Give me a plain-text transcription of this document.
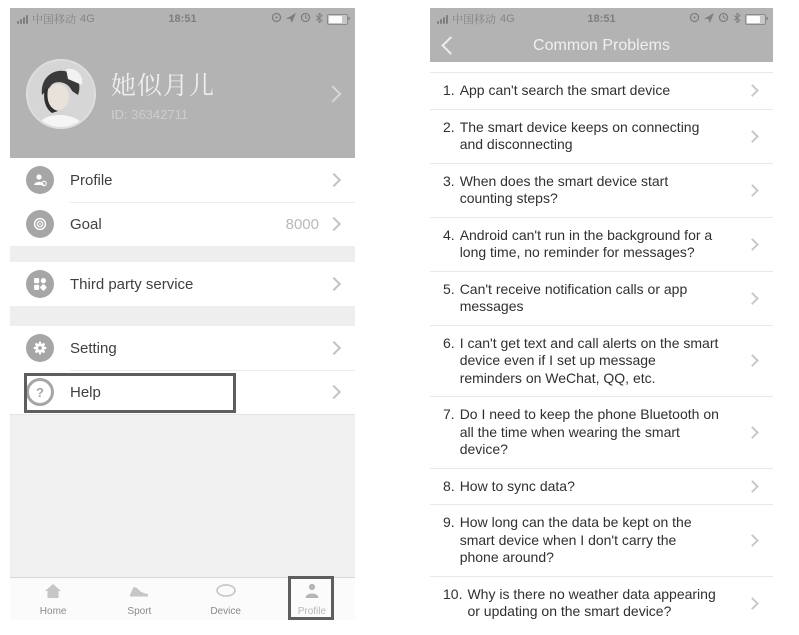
中国移动 4G	18:51
她似月儿
ID: 36342711
Profile
Goal	8000
Third party service
Setting
?	Help
Home	Sport	Device	Profile
中国移动 4G	18:51
Common Problems
1. App can't search the smart device
2. The smart device keeps on connecting and disconnecting
3. When does the smart device start counting steps?
4. Android can't run in the background for a long time, no reminder for messages?
5. Can't receive notification calls or app messages
6. I can't get text and call alerts on the smart device even if I set up message reminders on WeChat, QQ, etc.
7. Do I need to keep the phone Bluetooth on all the time when wearing the smart device?
8. How to sync data?
9. How long can the data be kept on the smart device when I don't carry the phone around?
10. Why is there no weather data appearing or updating on the smart device?
